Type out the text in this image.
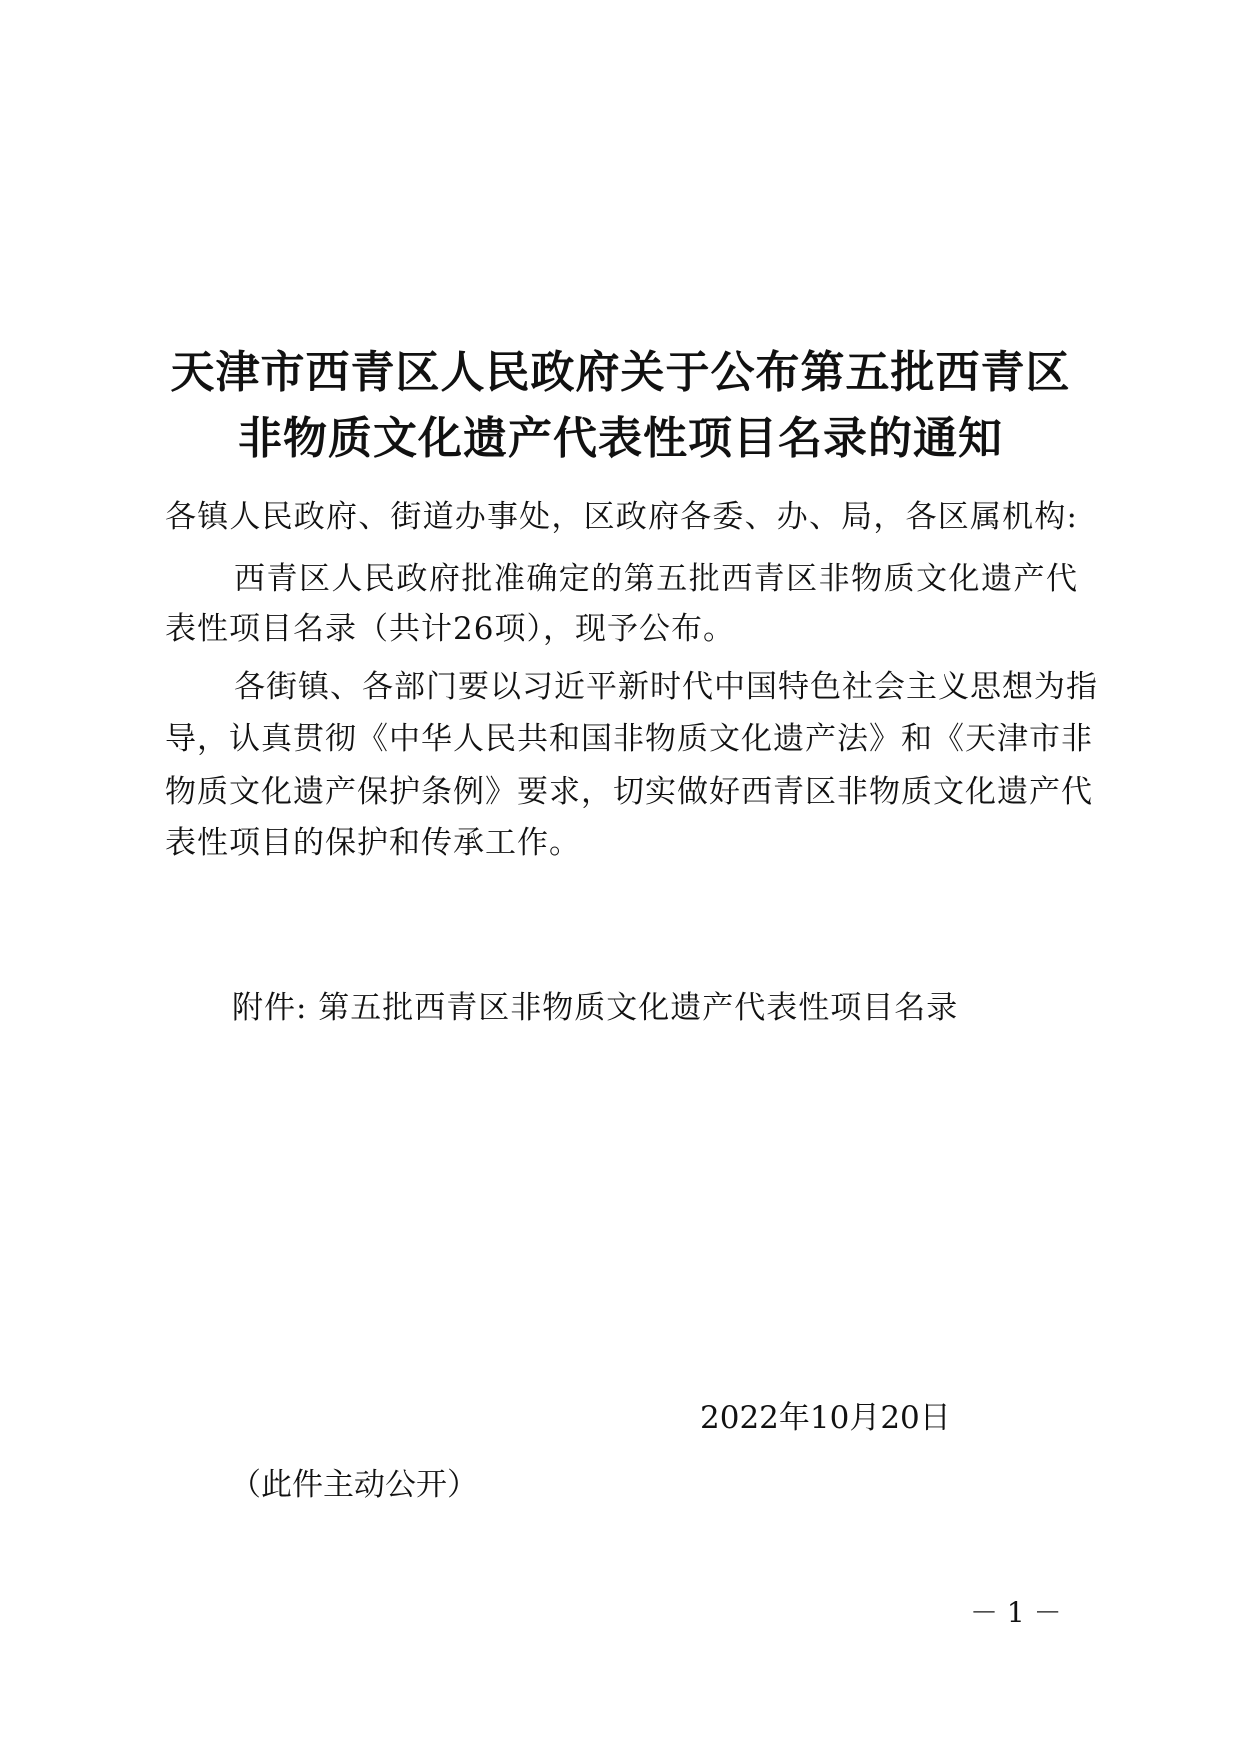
天津市西青区人民政府关于公布第五批西青区
非物质文化遗产代表性项目名录的通知
各镇人民政府、街道办事处，区政府各委、办、局，各区属机构:
西青区人民政府批准确定的第五批西青区非物质文化遗产代
表性项目名录（共计26项），现予公布。
各街镇、各部门要以习近平新时代中国特色社会主义思想为指
导，认真贯彻《中华人民共和国非物质文化遗产法》和《天津市非
物质文化遗产保护条例》要求，切实做好西青区非物质文化遗产代
表性项目的保护和传承工作。
附件: 第五批西青区非物质文化遗产代表性项目名录
2022年10月20日
（此件主动公开）
－ 1 －
